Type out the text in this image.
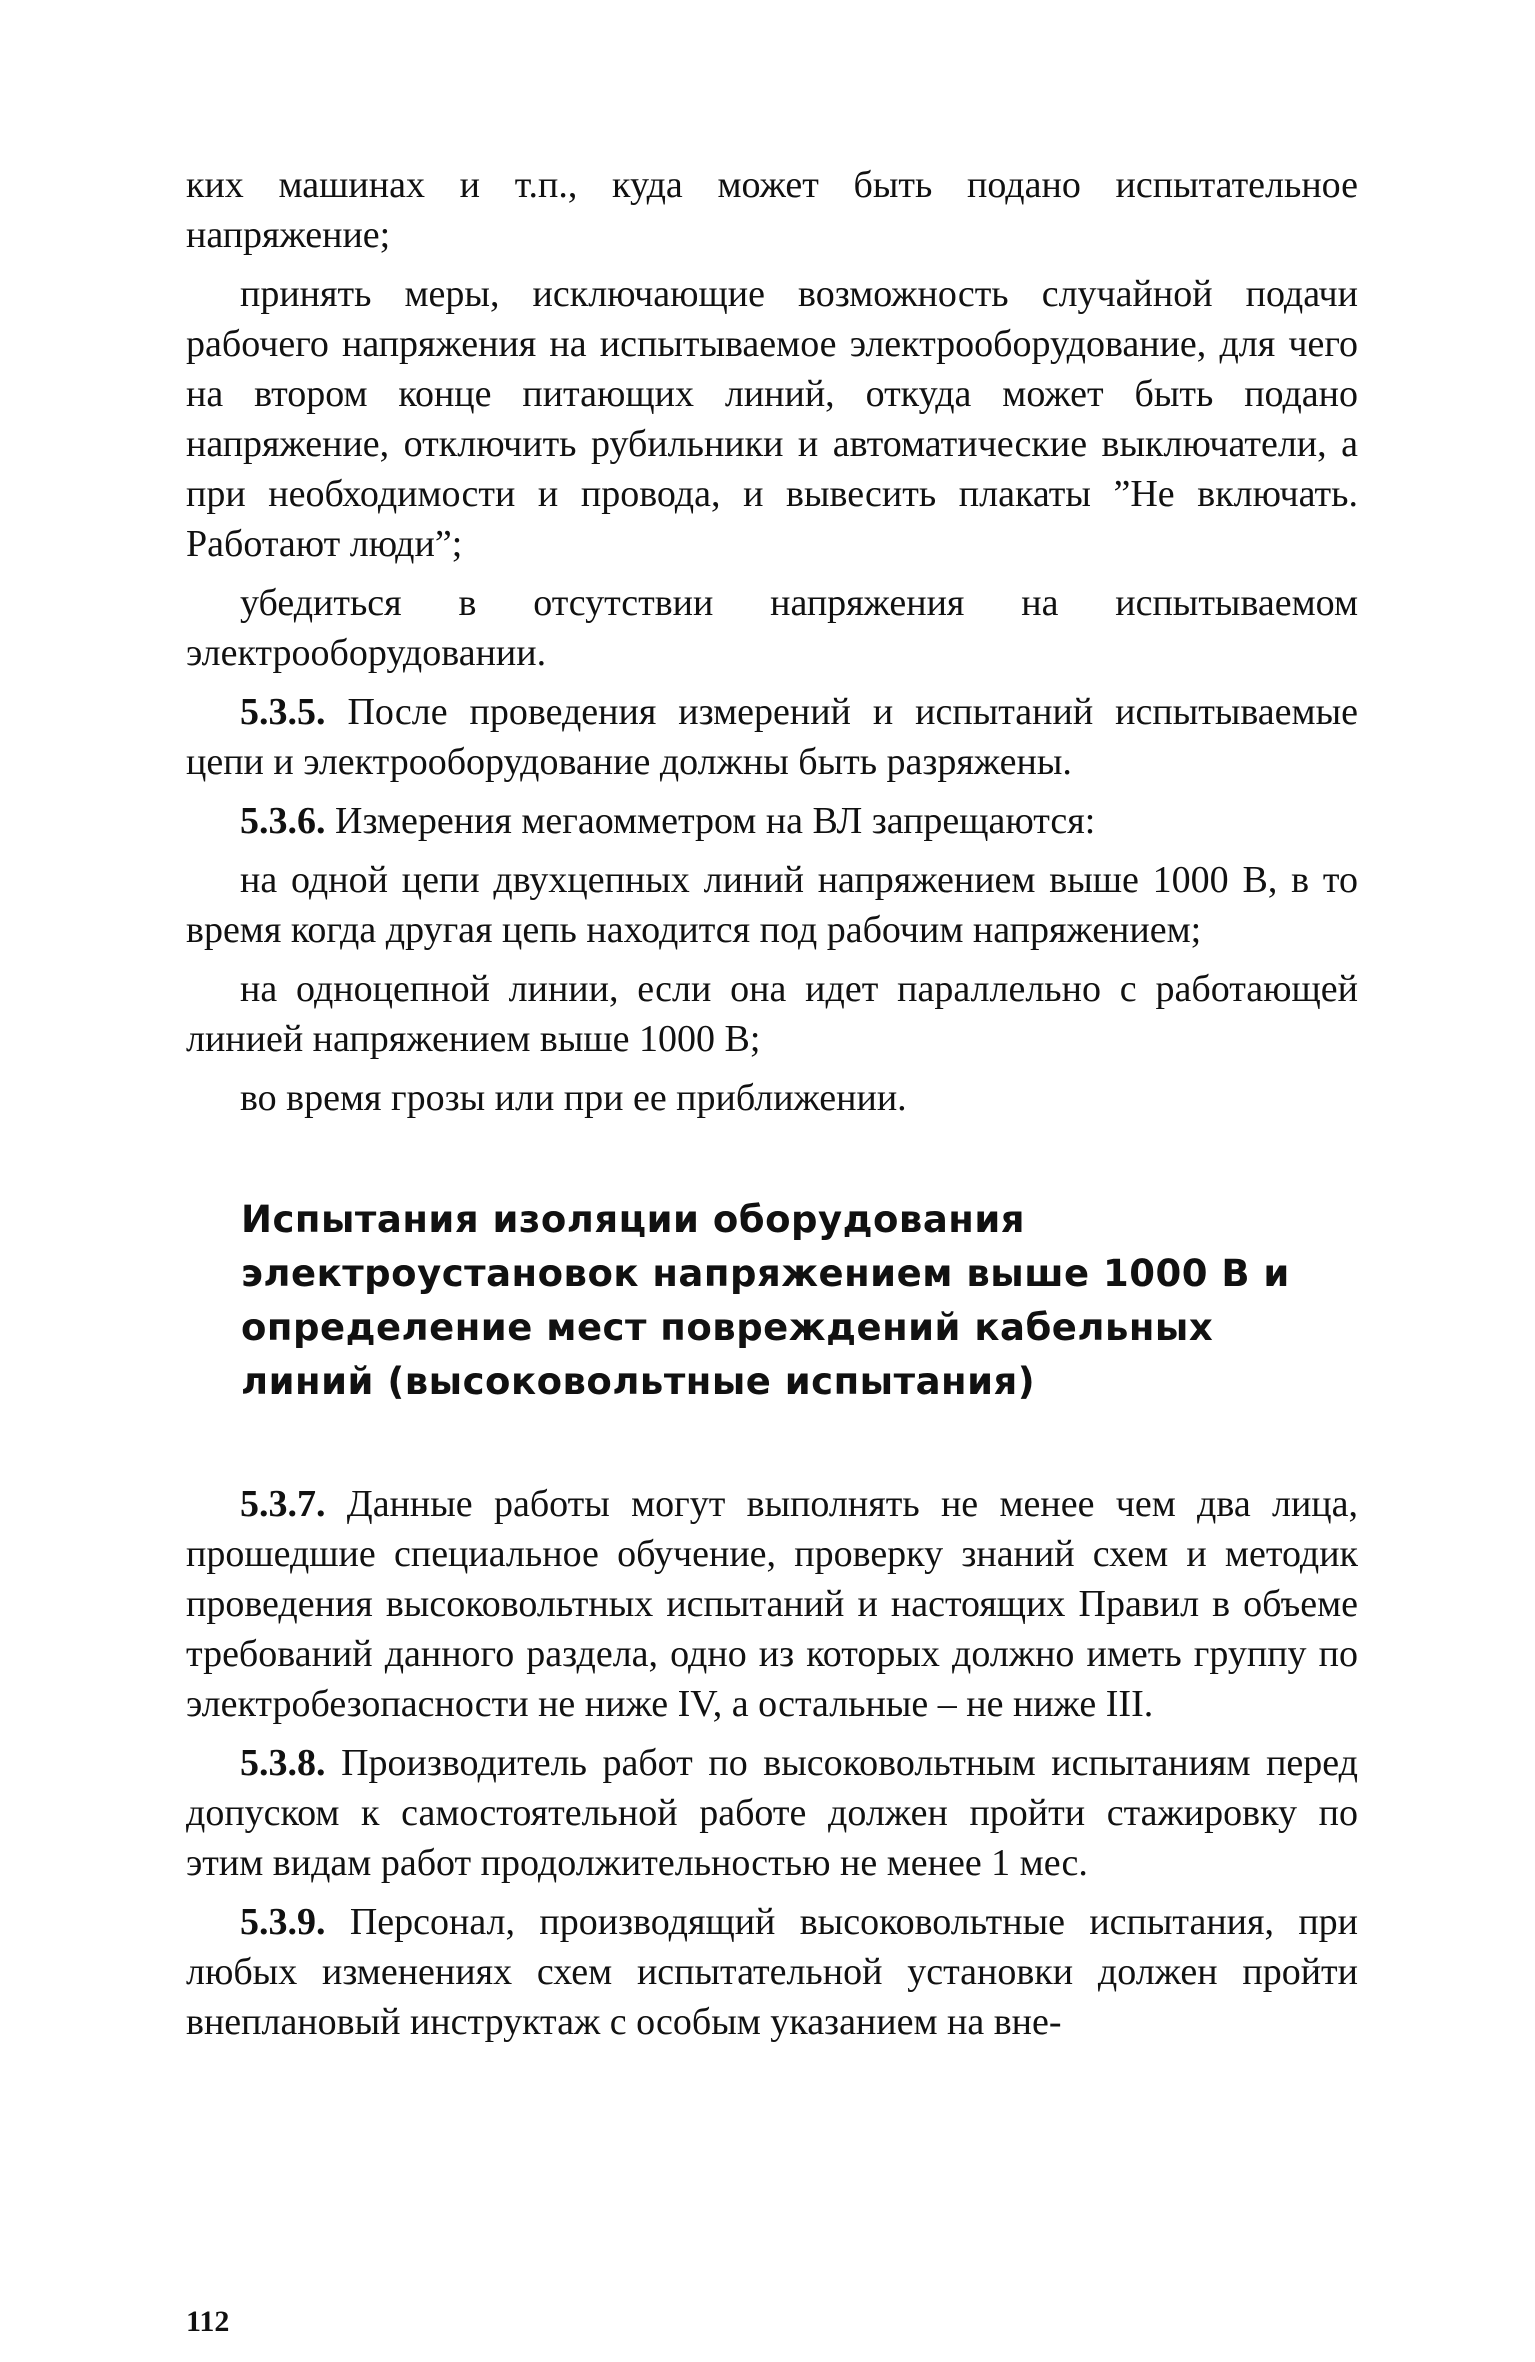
ких машинах и т.п., куда может быть подано испытательное напряжение;

принять меры, исключающие возможность случайной подачи рабочего напряжения на испытываемое электрооборудование, для чего на втором конце питающих линий, откуда может быть подано напряжение, отключить рубильники и автоматические выключатели, а при необходимости и провода, и вывесить плакаты ”Не включать. Работают люди”;

убедиться в отсутствии напряжения на испытываемом электрооборудовании.

5.3.5. После проведения измерений и испытаний испытываемые цепи и электрооборудование должны быть разряжены.

5.3.6. Измерения мегаомметром на ВЛ запрещаются:

на одной цепи двухцепных линий напряжением выше 1000 В, в то время когда другая цепь находится под рабочим напряжением;

на одноцепной линии, если она идет параллельно с работающей линией напряжением выше 1000 В;

во время грозы или при ее приближении.

Испытания изоляции оборудования электроустановок напряжением выше 1000 В и определение мест повреждений кабельных линий (высоковольтные испытания)

5.3.7. Данные работы могут выполнять не менее чем два лица, прошедшие специальное обучение, проверку знаний схем и методик проведения высоковольтных испытаний и настоящих Правил в объеме требований данного раздела, одно из которых должно иметь группу по электробезопасности не ниже IV, а остальные – не ниже III.

5.3.8. Производитель работ по высоковольтным испытаниям перед допуском к самостоятельной работе должен пройти стажировку по этим видам работ продолжительностью не менее 1 мес.

5.3.9. Персонал, производящий высоковольтные испытания, при любых изменениях схем испытательной установки должен пройти внеплановый инструктаж с особым указанием на вне-

112
